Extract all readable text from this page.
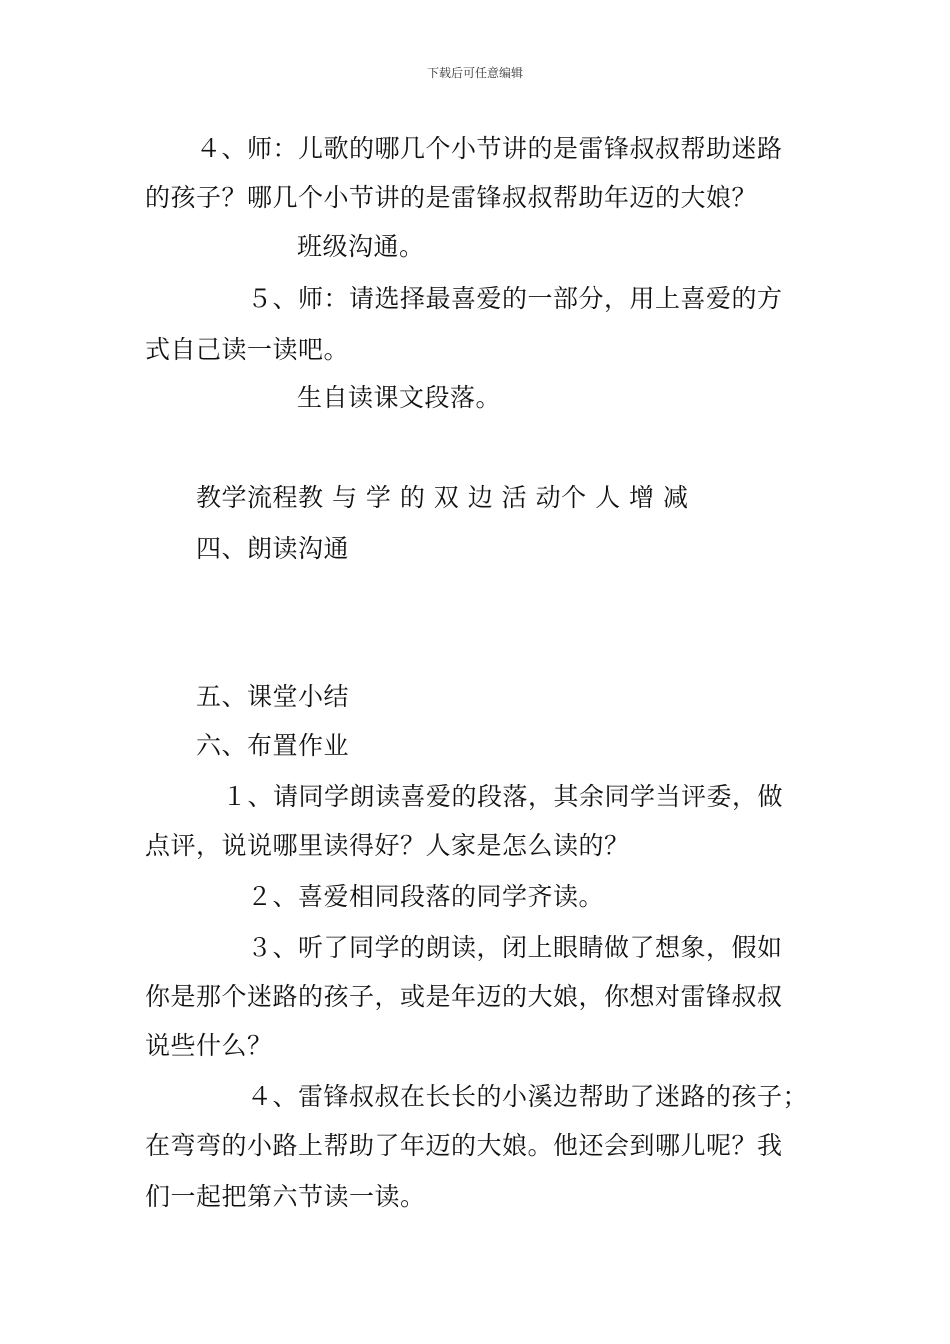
下载后可任意编辑
４、师：儿歌的哪几个小节讲的是雷锋叔叔帮助迷路
的孩子？哪几个小节讲的是雷锋叔叔帮助年迈的大娘？
班级沟通。
５、师：请选择最喜爱的一部分，用上喜爱的方
式自己读一读吧。
生自读课文段落。
教学流程教 与 学 的 双 边 活 动个 人 增 减
四、朗读沟通
五、课堂小结
六、布置作业
１、请同学朗读喜爱的段落，其余同学当评委，做
点评，说说哪里读得好？人家是怎么读的？
２、喜爱相同段落的同学齐读。
３、听了同学的朗读，闭上眼睛做了想象，假如
你是那个迷路的孩子，或是年迈的大娘，你想对雷锋叔叔
说些什么？
４、雷锋叔叔在长长的小溪边帮助了迷路的孩子；
在弯弯的小路上帮助了年迈的大娘。他还会到哪儿呢？我
们一起把第六节读一读。
